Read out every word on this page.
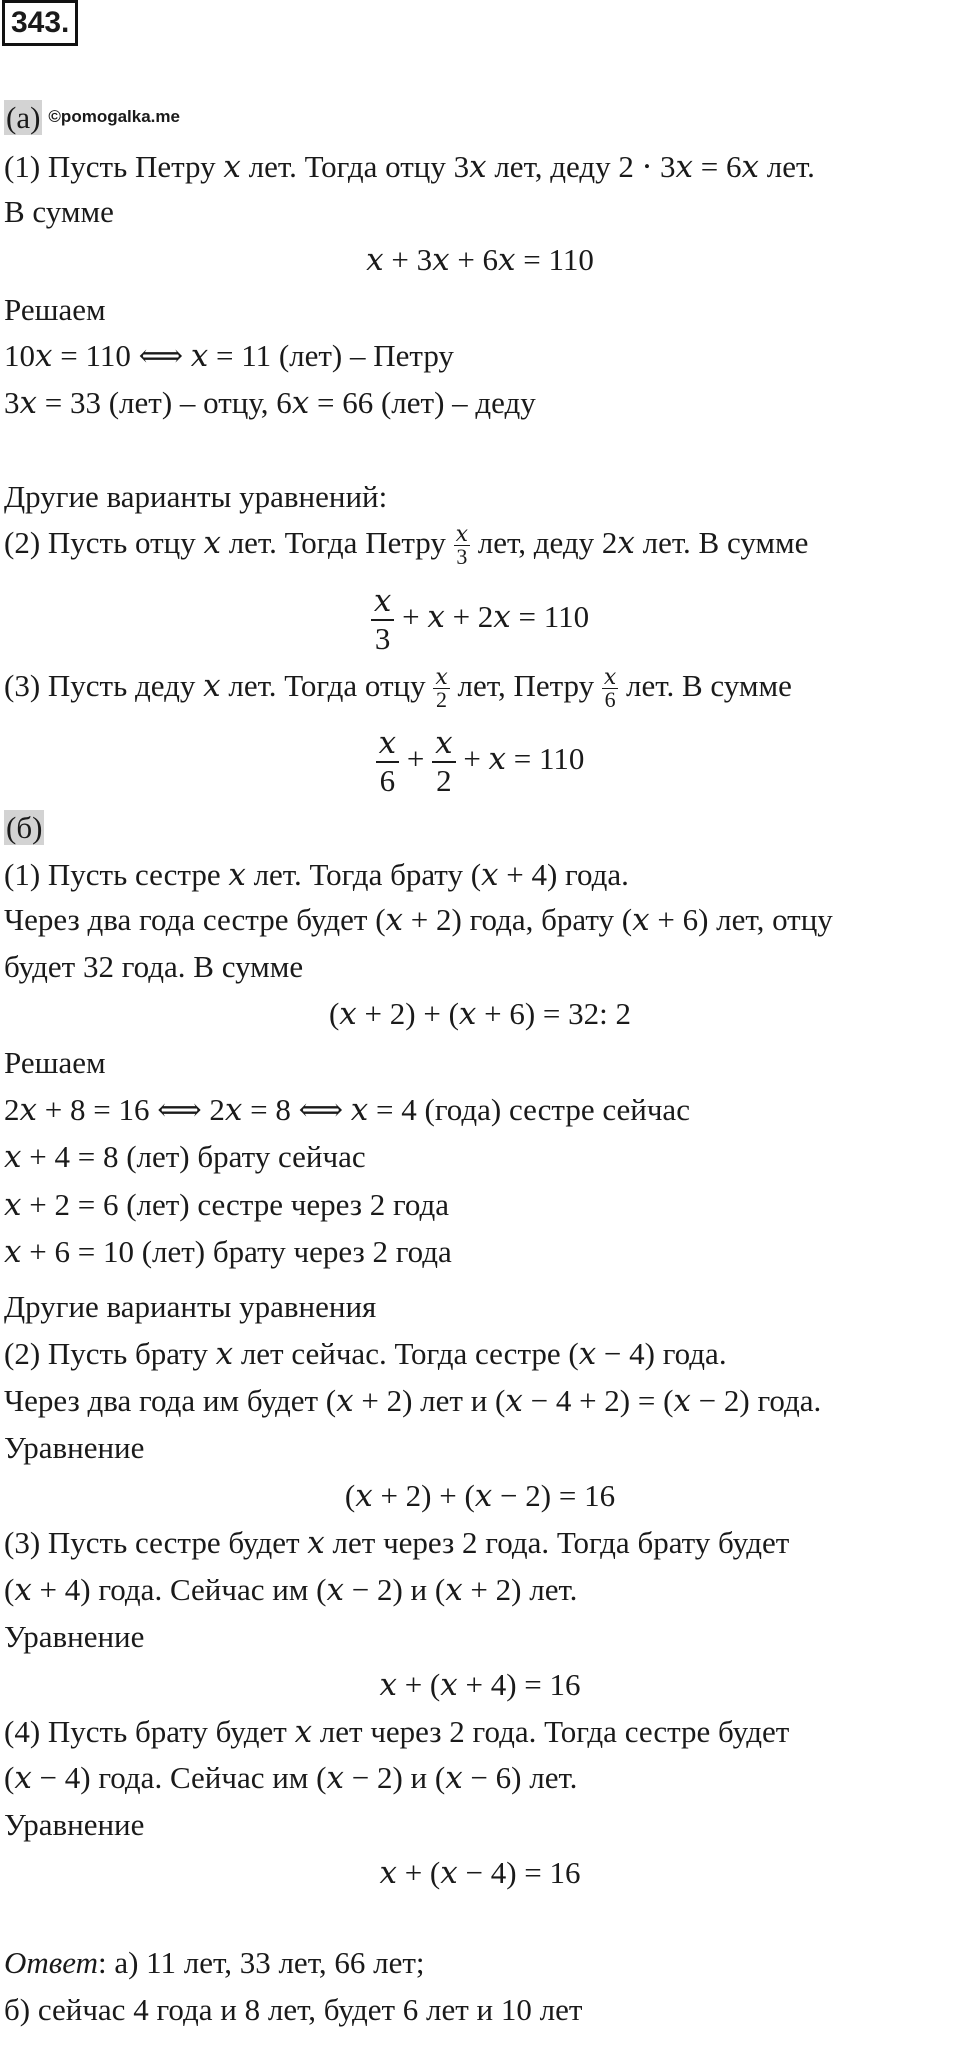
343.
(а) ©pomogalka.me
(1) Пусть Петру 𝑥 лет. Тогда отцу 3𝑥 лет, деду 2 ⋅ 3𝑥 = 6𝑥 лет.
В сумме
𝑥 + 3𝑥 + 6𝑥 = 110
Решаем
10𝑥 = 110 ⟺ 𝑥 = 11 (лет) – Петру
3𝑥 = 33 (лет) – отцу, 6𝑥 = 66 (лет) – деду
Другие варианты уравнений:
(2) Пусть отцу 𝑥 лет. Тогда Петру $\frac{\text{𝑥}}{3}$ лет, деду 2𝑥 лет. В сумме
$\frac{\text{𝑥}}{3}$ + 𝑥 + 2𝑥 = 110
(3) Пусть деду 𝑥 лет. Тогда отцу $\frac{\text{𝑥}}{2}$ лет, Петру $\frac{\text{𝑥}}{6}$ лет. В сумме
$\frac{\text{𝑥}}{6} + \frac{\text{𝑥}}{2}$ + 𝑥 = 110
(б)
(1) Пусть сестре 𝑥 лет. Тогда брату (𝑥 + 4) года.
Через два года сестре будет (𝑥 + 2) года, брату (𝑥 + 6) лет, отцу
будет 32 года. В сумме
(𝑥 + 2) + (𝑥 + 6) = 32: 2
Решаем
2𝑥 + 8 = 16 ⟺ 2𝑥 = 8 ⟺ 𝑥 = 4 (года) сестре сейчас
𝑥 + 4 = 8 (лет) брату сейчас
𝑥 + 2 = 6 (лет) сестре через 2 года
𝑥 + 6 = 10 (лет) брату через 2 года
Другие варианты уравнения
(2) Пусть брату 𝑥 лет сейчас. Тогда сестре (𝑥 − 4) года.
Через два года им будет (𝑥 + 2) лет и (𝑥 − 4 + 2) = (𝑥 − 2) года.
Уравнение
(𝑥 + 2) + (𝑥 − 2) = 16
(3) Пусть сестре будет 𝑥 лет через 2 года. Тогда брату будет
(𝑥 + 4) года. Сейчас им (𝑥 − 2) и (𝑥 + 2) лет.
Уравнение
𝑥 + (𝑥 + 4) = 16
(4) Пусть брату будет 𝑥 лет через 2 года. Тогда сестре будет
(𝑥 − 4) года. Сейчас им (𝑥 − 2) и (𝑥 − 6) лет.
Уравнение
𝑥 + (𝑥 − 4) = 16
Ответ: а) 11 лет, 33 лет, 66 лет;
б) сейчас 4 года и 8 лет, будет 6 лет и 10 лет
